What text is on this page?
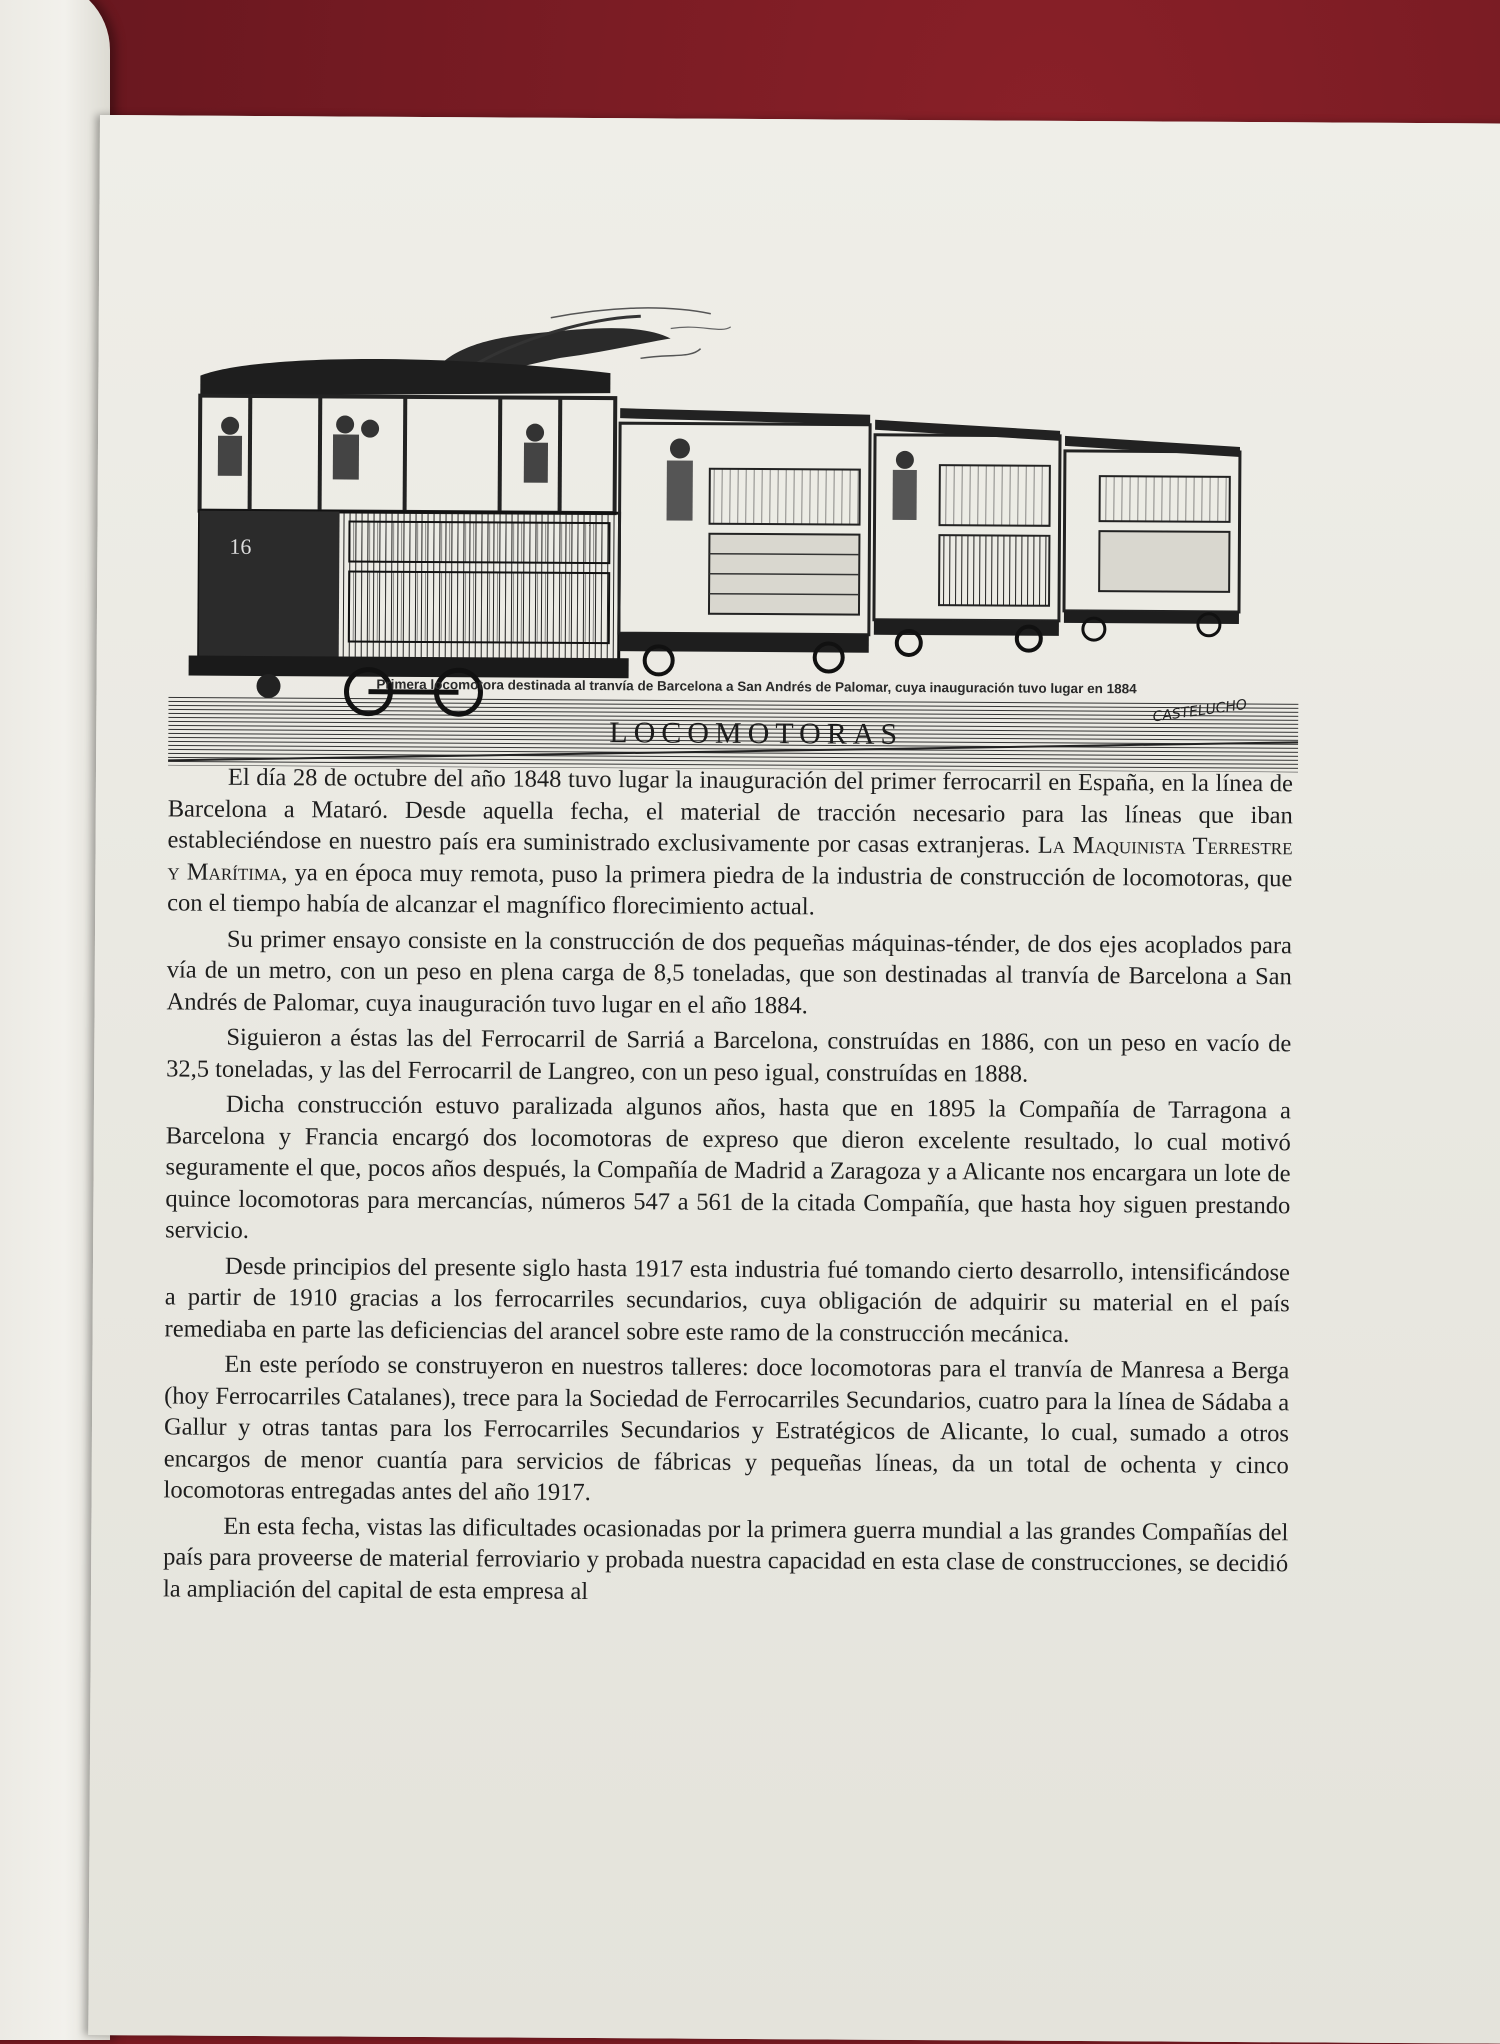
16
CASTELUCHO
Primera locomotora destinada al tranvía de Barcelona a San Andrés de Palomar, cuya inauguración tuvo lugar en 1884
LOCOMOTORAS

El día 28 de octubre del año 1848 tuvo lugar la inauguración del primer ferrocarril en España, en la línea de Barcelona a Mataró. Desde aquella fecha, el material de tracción necesario para las líneas que iban estableciéndose en nuestro país era suministrado exclusivamente por casas extranjeras. La Maquinista Terrestre y Marítima, ya en época muy remota, puso la primera piedra de la industria de construcción de locomotoras, que con el tiempo había de alcanzar el magnífico florecimiento actual.

Su primer ensayo consiste en la construcción de dos pequeñas máquinas-ténder, de dos ejes acoplados para vía de un metro, con un peso en plena carga de 8,5 toneladas, que son destinadas al tranvía de Barcelona a San Andrés de Palomar, cuya inauguración tuvo lugar en el año 1884.

Siguieron a éstas las del Ferrocarril de Sarriá a Barcelona, construídas en 1886, con un peso en vacío de 32,5 toneladas, y las del Ferrocarril de Langreo, con un peso igual, construídas en 1888.

Dicha construcción estuvo paralizada algunos años, hasta que en 1895 la Compañía de Tarragona a Barcelona y Francia encargó dos locomotoras de expreso que dieron excelente resultado, lo cual motivó seguramente el que, pocos años después, la Compañía de Madrid a Zaragoza y a Alicante nos encargara un lote de quince locomotoras para mercancías, números 547 a 561 de la citada Compañía, que hasta hoy siguen prestando servicio.

Desde principios del presente siglo hasta 1917 esta industria fué tomando cierto desarrollo, intensificándose a partir de 1910 gracias a los ferrocarriles secundarios, cuya obligación de adquirir su material en el país remediaba en parte las deficiencias del arancel sobre este ramo de la construcción mecánica.

En este período se construyeron en nuestros talleres: doce locomotoras para el tranvía de Manresa a Berga (hoy Ferrocarriles Catalanes), trece para la Sociedad de Ferrocarriles Secundarios, cuatro para la línea de Sádaba a Gallur y otras tantas para los Ferrocarriles Secundarios y Estratégicos de Alicante, lo cual, sumado a otros encargos de menor cuantía para servicios de fábricas y pequeñas líneas, da un total de ochenta y cinco locomotoras entregadas antes del año 1917.

En esta fecha, vistas las dificultades ocasionadas por la primera guerra mundial a las grandes Compañías del país para proveerse de material ferroviario y probada nuestra capacidad en esta clase de construcciones, se decidió la ampliación del capital de esta empresa al
